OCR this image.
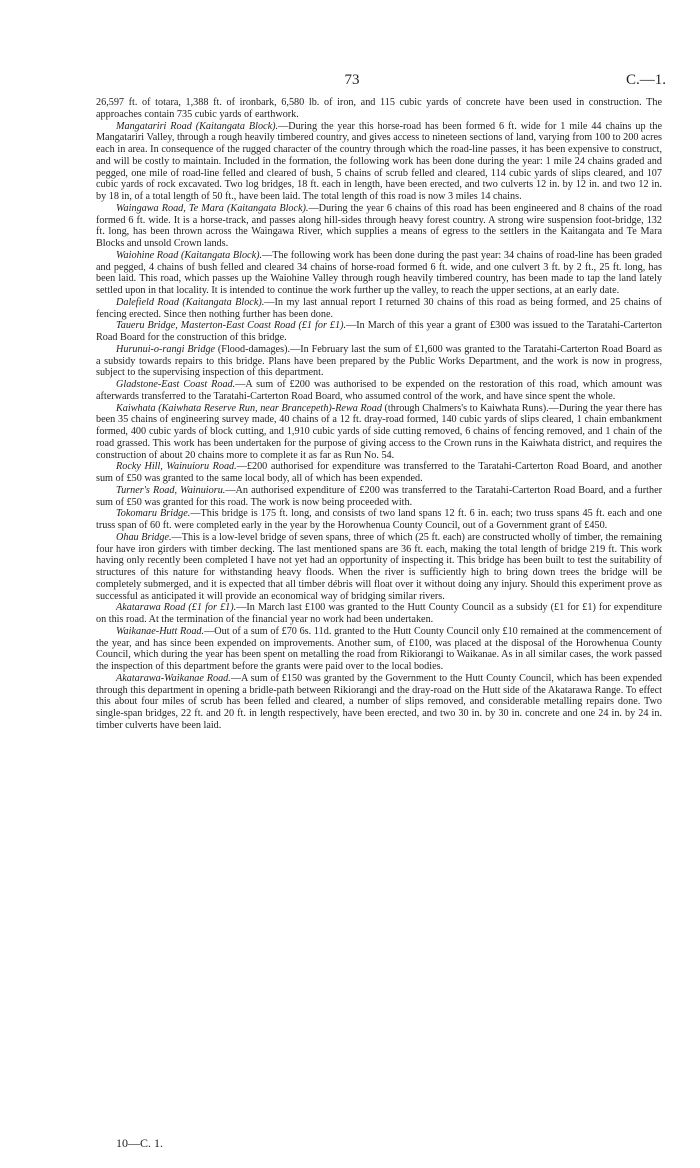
73	C.—1.

26,597 ft. of totara, 1,388 ft. of ironbark, 6,580 lb. of iron, and 115 cubic yards of concrete have been used in construction. The approaches contain 735 cubic yards of earthwork.

Mangatariri Road (Kaitangata Block).—During the year this horse-road has been formed 6 ft. wide for 1 mile 44 chains up the Mangatariri Valley, through a rough heavily timbered country, and gives access to nineteen sections of land, varying from 100 to 200 acres each in area. In consequence of the rugged character of the country through which the road-line passes, it has been expensive to construct, and will be costly to maintain. Included in the formation, the following work has been done during the year: 1 mile 24 chains graded and pegged, one mile of road-line felled and cleared of bush, 5 chains of scrub felled and cleared, 114 cubic yards of slips cleared, and 107 cubic yards of rock excavated. Two log bridges, 18 ft. each in length, have been erected, and two culverts 12 in. by 12 in. and two 12 in. by 18 in, of a total length of 50 ft., have been laid. The total length of this road is now 3 miles 14 chains.

Waingawa Road, Te Mara (Kaitangata Block).—During the year 6 chains of this road has been engineered and 8 chains of the road formed 6 ft. wide. It is a horse-track, and passes along hill-sides through heavy forest country. A strong wire suspension foot-bridge, 132 ft. long, has been thrown across the Waingawa River, which supplies a means of egress to the settlers in the Kaitangata and Te Mara Blocks and unsold Crown lands.

Waiohine Road (Kaitangata Block).—The following work has been done during the past year: 34 chains of road-line has been graded and pegged, 4 chains of bush felled and cleared 34 chains of horse-road formed 6 ft. wide, and one culvert 3 ft. by 2 ft., 25 ft. long, has been laid. This road, which passes up the Waiohine Valley through rough heavily timbered country, has been made to tap the land lately settled upon in that locality. It is intended to continue the work further up the valley, to reach the upper sections, at an early date.

Dalefield Road (Kaitangata Block).—In my last annual report I returned 30 chains of this road as being formed, and 25 chains of fencing erected. Since then nothing further has been done.

Taueru Bridge, Masterton-East Coast Road (£1 for £1).—In March of this year a grant of £300 was issued to the Taratahi-Carterton Road Board for the construction of this bridge.

Hurunui-o-rangi Bridge (Flood-damages).—In February last the sum of £1,600 was granted to the Taratahi-Carterton Road Board as a subsidy towards repairs to this bridge. Plans have been prepared by the Public Works Department, and the work is now in progress, subject to the supervising inspection of this department.

Gladstone-East Coast Road.—A sum of £200 was authorised to be expended on the restoration of this road, which amount was afterwards transferred to the Taratahi-Carterton Road Board, who assumed control of the work, and have since spent the whole.

Kaiwhata (Kaiwhata Reserve Run, near Brancepeth)-Rewa Road (through Chalmers's to Kaiwhata Runs).—During the year there has been 35 chains of engineering survey made, 40 chains of a 12 ft. dray-road formed, 140 cubic yards of slips cleared, 1 chain embankment formed, 400 cubic yards of block cutting, and 1,910 cubic yards of side cutting removed, 6 chains of fencing removed, and 1 chain of the road grassed. This work has been undertaken for the purpose of giving access to the Crown runs in the Kaiwhata district, and requires the construction of about 20 chains more to complete it as far as Run No. 54.

Rocky Hill, Wainuioru Road.—£200 authorised for expenditure was transferred to the Taratahi-Carterton Road Board, and another sum of £50 was granted to the same local body, all of which has been expended.

Turner's Road, Wainuioru.—An authorised expenditure of £200 was transferred to the Taratahi-Carterton Road Board, and a further sum of £50 was granted for this road. The work is now being proceeded with.

Tokomaru Bridge.—This bridge is 175 ft. long, and consists of two land spans 12 ft. 6 in. each; two truss spans 45 ft. each and one truss span of 60 ft. were completed early in the year by the Horowhenua County Council, out of a Government grant of £450.

Ohau Bridge.—This is a low-level bridge of seven spans, three of which (25 ft. each) are constructed wholly of timber, the remaining four have iron girders with timber decking. The last mentioned spans are 36 ft. each, making the total length of bridge 219 ft. This work having only recently been completed I have not yet had an opportunity of inspecting it. This bridge has been built to test the suitability of structures of this nature for withstanding heavy floods. When the river is sufficiently high to bring down trees the bridge will be completely submerged, and it is expected that all timber débris will float over it without doing any injury. Should this experiment prove as successful as anticipated it will provide an economical way of bridging similar rivers.

Akatarawa Road (£1 for £1).—In March last £100 was granted to the Hutt County Council as a subsidy (£1 for £1) for expenditure on this road. At the termination of the financial year no work had been undertaken.

Waikanae-Hutt Road.—Out of a sum of £70 6s. 11d. granted to the Hutt County Council only £10 remained at the commencement of the year, and has since been expended on improvements. Another sum, of £100, was placed at the disposal of the Horowhenua County Council, which during the year has been spent on metalling the road from Rikiorangi to Waikanae. As in all similar cases, the work passed the inspection of this department before the grants were paid over to the local bodies.

Akatarawa-Waikanae Road.—A sum of £150 was granted by the Government to the Hutt County Council, which has been expended through this department in opening a bridle-path between Rikiorangi and the dray-road on the Hutt side of the Akatarawa Range. To effect this about four miles of scrub has been felled and cleared, a number of slips removed, and considerable metalling repairs done. Two single-span bridges, 22 ft. and 20 ft. in length respectively, have been erected, and two 30 in. by 30 in. concrete and one 24 in. by 24 in. timber culverts have been laid.

10—C. 1.
